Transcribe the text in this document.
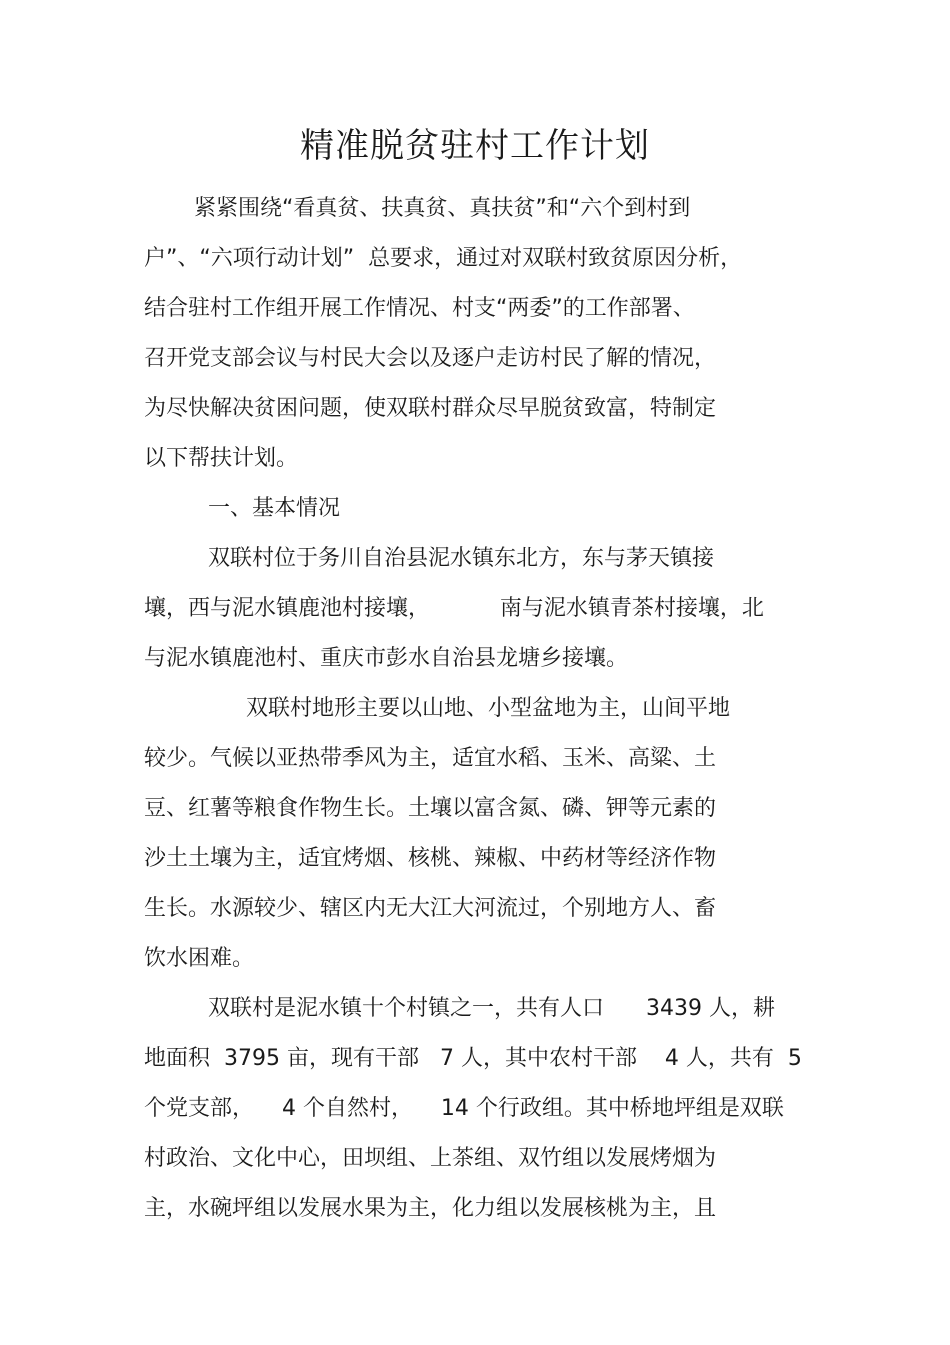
精准脱贫驻村工作计划
紧紧围绕“看真贫、扶真贫、真扶贫”和“六个到村到
户”、“六项行动计划”  总要求，通过对双联村致贫原因分析，
结合驻村工作组开展工作情况、村支“两委”的工作部署、
召开党支部会议与村民大会以及逐户走访村民了解的情况，
为尽快解决贫困问题，使双联村群众尽早脱贫致富，特制定
以下帮扶计划。
一、基本情况
双联村位于务川自治县泥水镇东北方，东与茅天镇接
壤，西与泥水镇鹿池村接壤，          南与泥水镇青茶村接壤，北
与泥水镇鹿池村、重庆市彭水自治县龙塘乡接壤。
双联村地形主要以山地、小型盆地为主，山间平地
较少。气候以亚热带季风为主，适宜水稻、玉米、高粱、土
豆、红薯等粮食作物生长。土壤以富含氮、磷、钾等元素的
沙土土壤为主，适宜烤烟、核桃、辣椒、中药材等经济作物
生长。水源较少、辖区内无大江大河流过，个别地方人、畜
饮水困难。
双联村是泥水镇十个村镇之一，共有人口      3439 人，耕
地面积  3795 亩，现有干部   7 人，其中农村干部    4 人，共有  5
个党支部，    4 个自然村，    14 个行政组。其中桥地坪组是双联
村政治、文化中心，田坝组、上茶组、双竹组以发展烤烟为
主，水碗坪组以发展水果为主，化力组以发展核桃为主，且
